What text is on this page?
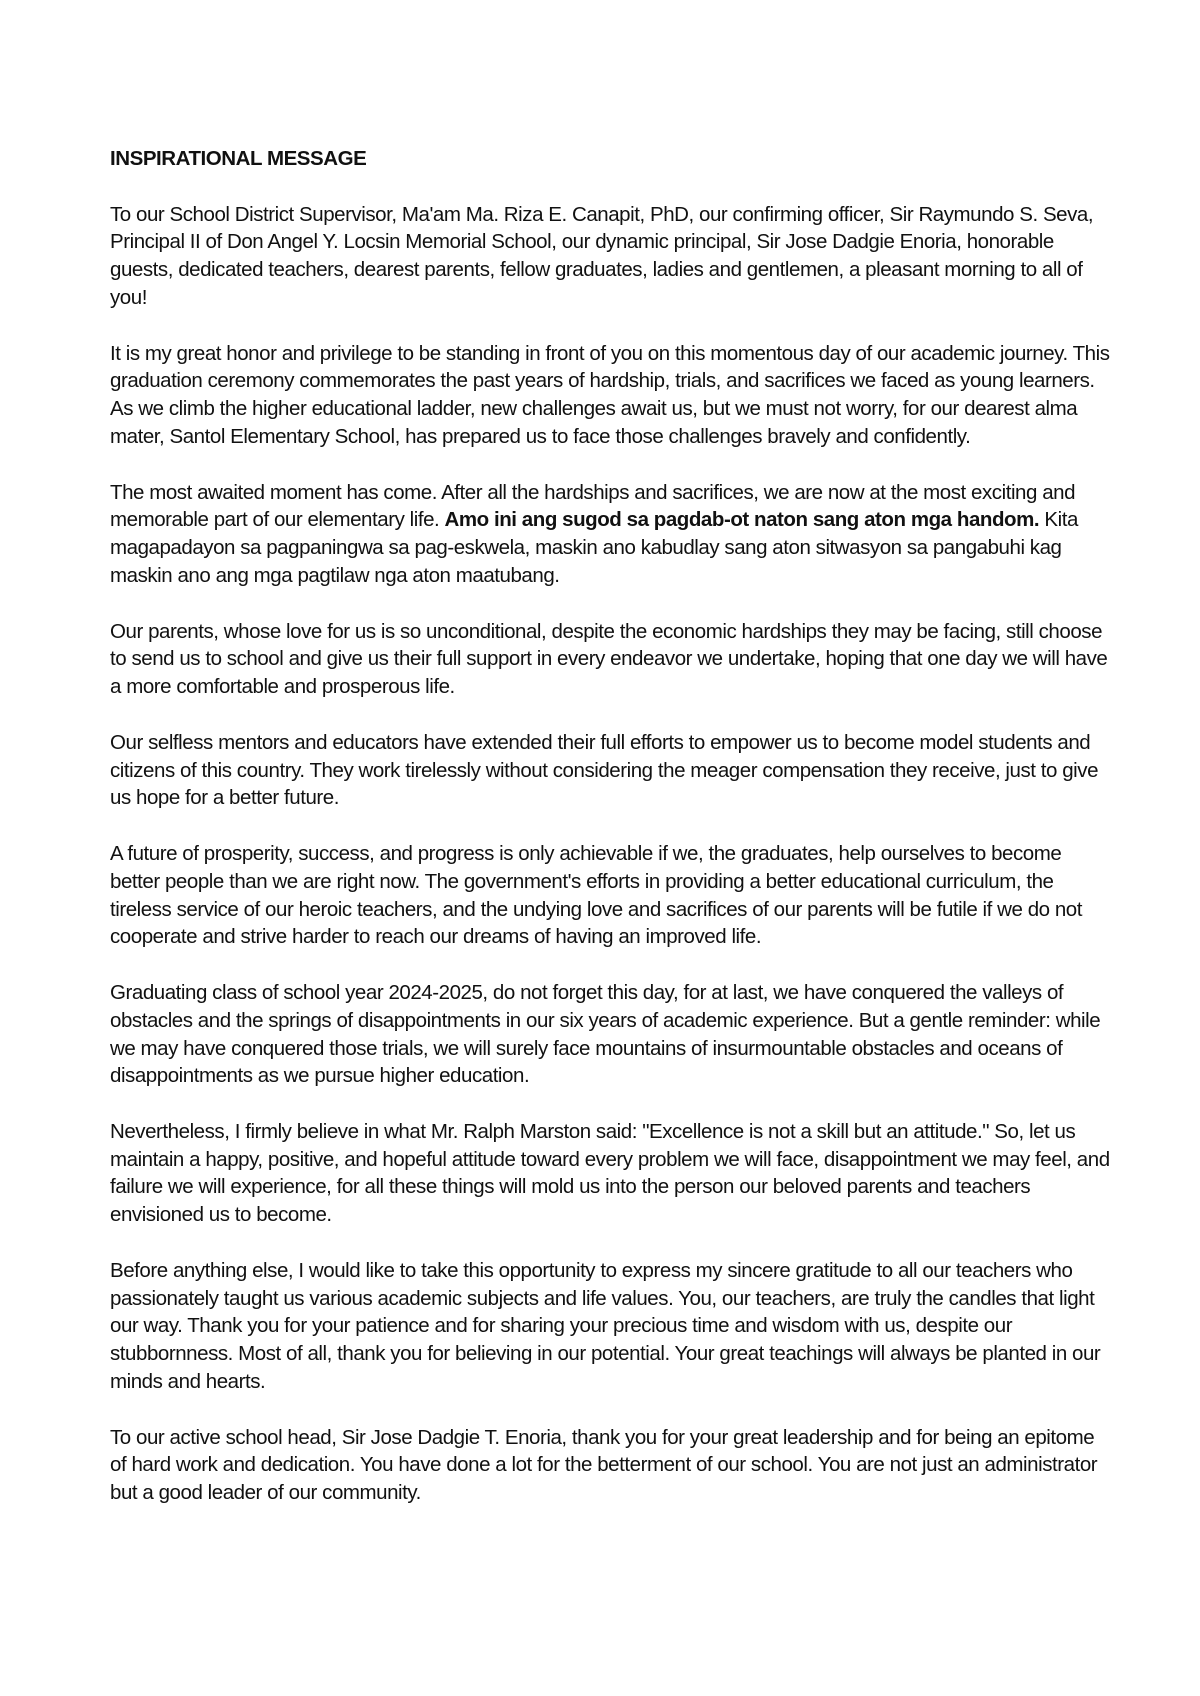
INSPIRATIONAL MESSAGE

To our School District Supervisor, Ma'am Ma. Riza E. Canapit, PhD, our confirming officer, Sir Raymundo S. Seva, Principal II of Don Angel Y. Locsin Memorial School, our dynamic principal, Sir Jose Dadgie Enoria, honorable guests, dedicated teachers, dearest parents, fellow graduates, ladies and gentlemen, a pleasant morning to all of you!

It is my great honor and privilege to be standing in front of you on this momentous day of our academic journey. This graduation ceremony commemorates the past years of hardship, trials, and sacrifices we faced as young learners. As we climb the higher educational ladder, new challenges await us, but we must not worry, for our dearest alma mater, Santol Elementary School, has prepared us to face those challenges bravely and confidently.

The most awaited moment has come. After all the hardships and sacrifices, we are now at the most exciting and memorable part of our elementary life. Amo ini ang sugod sa pagdab-ot naton sang aton mga handom. Kita magapadayon sa pagpaningwa sa pag-eskwela, maskin ano kabudlay sang aton sitwasyon sa pangabuhi kag maskin ano ang mga pagtilaw nga aton maatubang.

Our parents, whose love for us is so unconditional, despite the economic hardships they may be facing, still choose to send us to school and give us their full support in every endeavor we undertake, hoping that one day we will have a more comfortable and prosperous life.

Our selfless mentors and educators have extended their full efforts to empower us to become model students and citizens of this country. They work tirelessly without considering the meager compensation they receive, just to give us hope for a better future.

A future of prosperity, success, and progress is only achievable if we, the graduates, help ourselves to become better people than we are right now. The government's efforts in providing a better educational curriculum, the tireless service of our heroic teachers, and the undying love and sacrifices of our parents will be futile if we do not cooperate and strive harder to reach our dreams of having an improved life.

Graduating class of school year 2024-2025, do not forget this day, for at last, we have conquered the valleys of obstacles and the springs of disappointments in our six years of academic experience. But a gentle reminder: while we may have conquered those trials, we will surely face mountains of insurmountable obstacles and oceans of disappointments as we pursue higher education.

Nevertheless, I firmly believe in what Mr. Ralph Marston said: "Excellence is not a skill but an attitude." So, let us maintain a happy, positive, and hopeful attitude toward every problem we will face, disappointment we may feel, and failure we will experience, for all these things will mold us into the person our beloved parents and teachers envisioned us to become.

Before anything else, I would like to take this opportunity to express my sincere gratitude to all our teachers who passionately taught us various academic subjects and life values. You, our teachers, are truly the candles that light our way. Thank you for your patience and for sharing your precious time and wisdom with us, despite our stubbornness. Most of all, thank you for believing in our potential. Your great teachings will always be planted in our minds and hearts.

To our active school head, Sir Jose Dadgie T. Enoria, thank you for your great leadership and for being an epitome of hard work and dedication. You have done a lot for the betterment of our school. You are not just an administrator but a good leader of our community.
